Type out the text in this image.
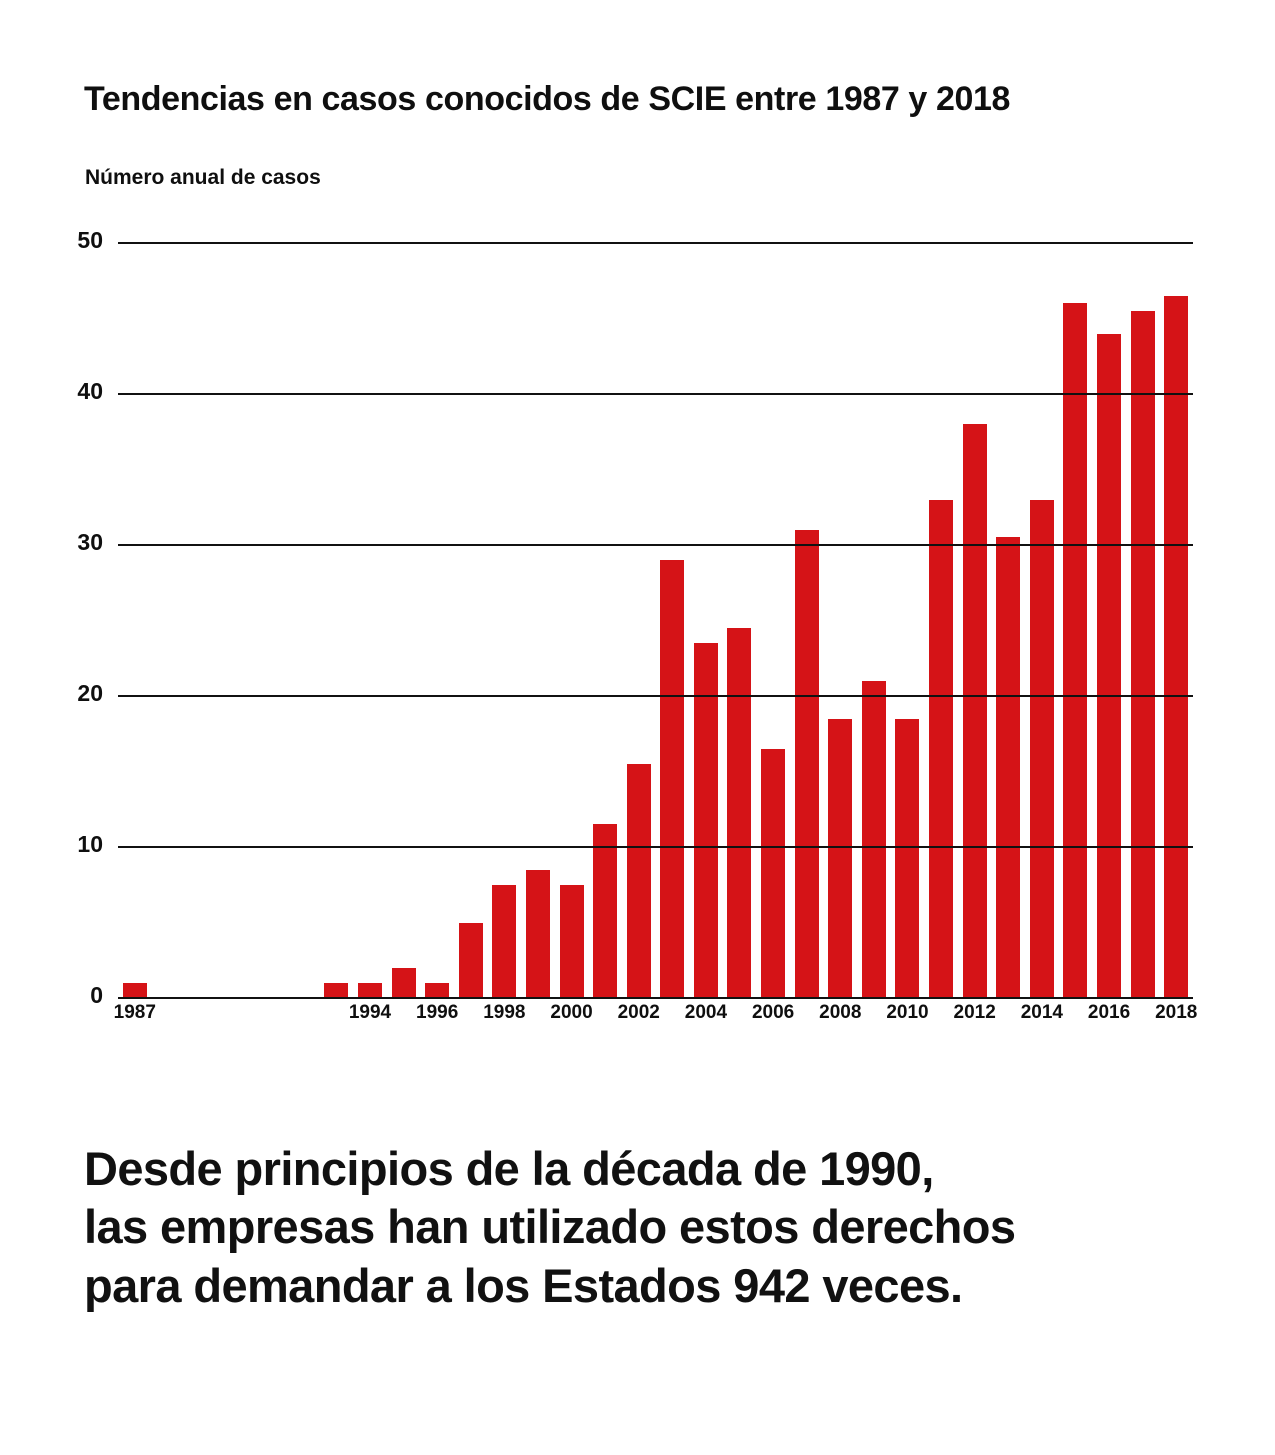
Tendencias en casos conocidos de SCIE entre 1987 y 2018
Número anual de casos
0
10
20
30
40
50
1987	1994	1996	1998	2000	2002	2004	2006	2008	2010	2012	2014	2016	2018
Desde principios de la década de 1990,
las empresas han utilizado estos derechos
para demandar a los Estados 942 veces.
